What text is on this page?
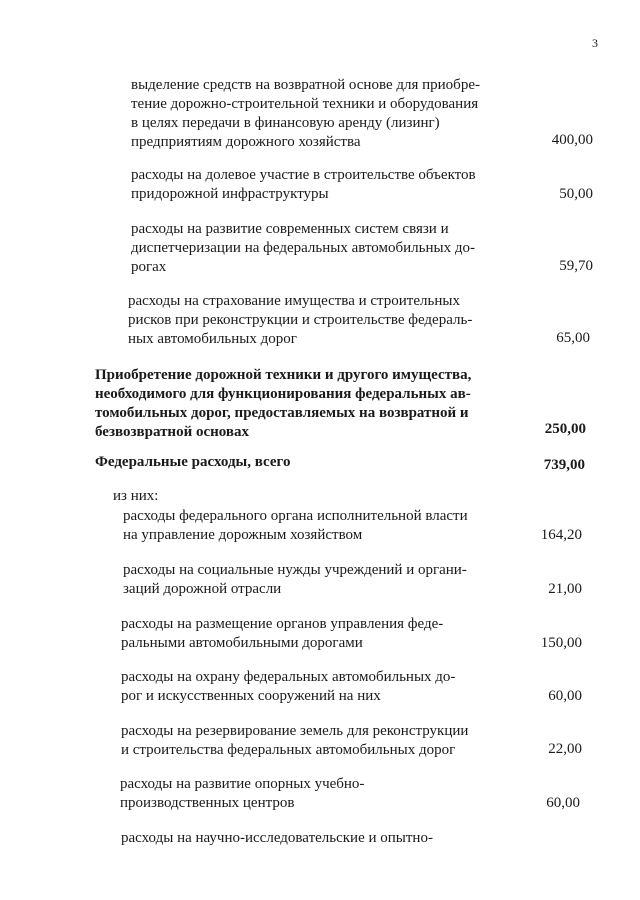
3
выделение средств на возвратной основе для приобре-
тение дорожно-строительной техники и оборудования
в целях передачи в финансовую аренду (лизинг)
предприятиям дорожного хозяйства	400,00
расходы на долевое участие в строительстве объектов
придорожной инфраструктуры	50,00
расходы на развитие современных систем связи и
диспетчеризации на федеральных автомобильных до-
рогах	59,70
расходы на страхование имущества и строительных
рисков при реконструкции и строительстве федераль-
ных автомобильных дорог	65,00
Приобретение дорожной техники и другого имущества,
необходимого для функционирования федеральных ав-
томобильных дорог, предоставляемых на возвратной и
безвозвратной основах	250,00
Федеральные расходы, всего	739,00
из них:
расходы федерального органа исполнительной власти
на управление дорожным хозяйством	164,20
расходы на социальные нужды учреждений и органи-
заций дорожной отрасли	21,00
расходы на размещение органов управления феде-
ральными автомобильными дорогами	150,00
расходы на охрану федеральных автомобильных до-
рог и искусственных сооружений на них	60,00
расходы на резервирование земель для реконструкции
и строительства федеральных автомобильных дорог	22,00
расходы на развитие опорных учебно-
производственных центров	60,00
расходы на научно-исследовательские и опытно-
